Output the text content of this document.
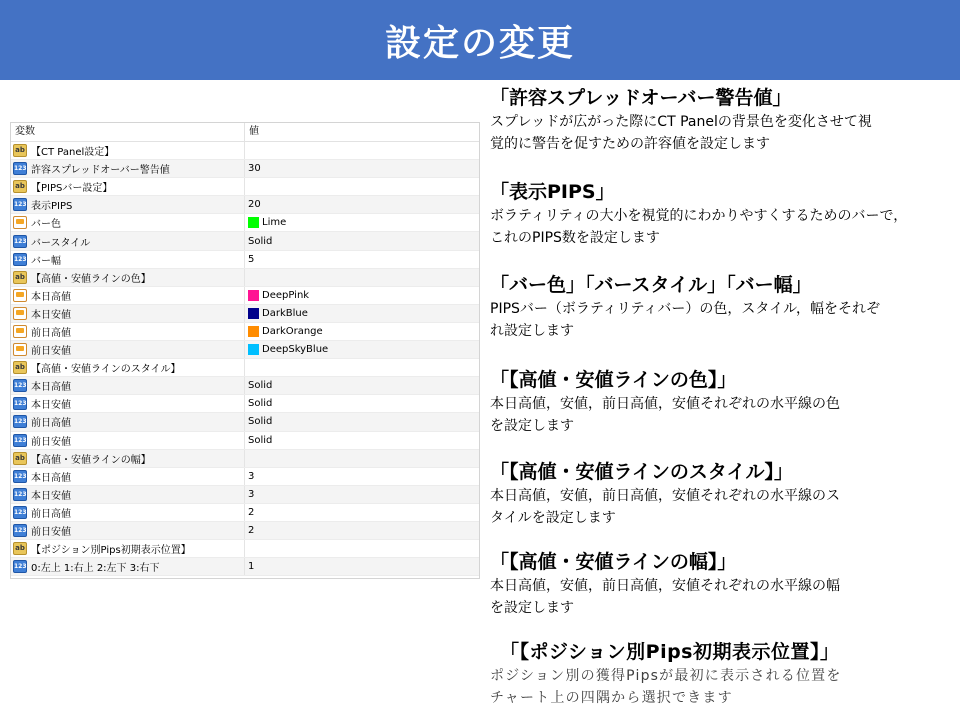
設定の変更
変数	値
ab 【CT Panel設定】
123 許容スプレッドオーバー警告値	30
ab 【PIPSバー設定】
123 表示PIPS	20
バー色	Lime
123 バースタイル	Solid
123 バー幅	5
ab 【高値・安値ラインの色】
本日高値	DeepPink
本日安値	DarkBlue
前日高値	DarkOrange
前日安値	DeepSkyBlue
ab 【高値・安値ラインのスタイル】
123 本日高値	Solid
123 本日安値	Solid
123 前日高値	Solid
123 前日安値	Solid
ab 【高値・安値ラインの幅】
123 本日高値	3
123 本日安値	3
123 前日高値	2
123 前日安値	2
ab 【ポジション別Pips初期表示位置】
123 0:左上 1:右上 2:左下 3:右下	1
「許容スプレッドオーバー警告値」
スプレッドが広がった際にCT Panelの背景色を変化させて視
覚的に警告を促すための許容値を設定します
「表示PIPS」
ボラティリティの大小を視覚的にわかりやすくするためのバーで，
これのPIPS数を設定します
「バー色」「バースタイル」「バー幅」
PIPSバー（ボラティリティバー）の色，スタイル，幅をそれぞ
れ設定します
「【高値・安値ラインの色】」
本日高値，安値，前日高値，安値それぞれの水平線の色
を設定します
「【高値・安値ラインのスタイル】」
本日高値，安値，前日高値，安値それぞれの水平線のス
タイルを設定します
「【高値・安値ラインの幅】」
本日高値，安値，前日高値，安値それぞれの水平線の幅
を設定します
「【ポジション別Pips初期表示位置】」
ポジション別の獲得Pipsが最初に表示される位置を
チャート上の四隅から選択できます
